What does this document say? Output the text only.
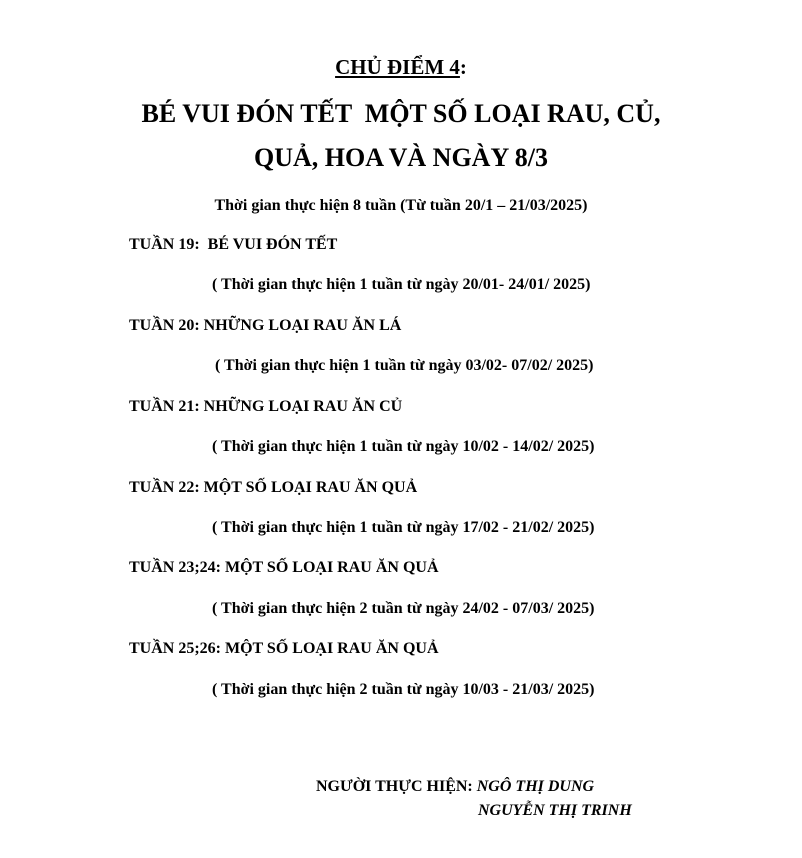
CHỦ ĐIỂM 4:
BÉ VUI ĐÓN TẾT  MỘT SỐ LOẠI RAU, CỦ,
QUẢ, HOA VÀ NGÀY 8/3
Thời gian thực hiện 8 tuần (Từ tuần 20/1 – 21/03/2025)
TUẦN 19:  BÉ VUI ĐÓN TẾT
( Thời gian thực hiện 1 tuần từ ngày 20/01- 24/01/ 2025)
TUẦN 20: NHỮNG LOẠI RAU ĂN LÁ
( Thời gian thực hiện 1 tuần từ ngày 03/02- 07/02/ 2025)
TUẦN 21: NHỮNG LOẠI RAU ĂN CỦ
( Thời gian thực hiện 1 tuần từ ngày 10/02 - 14/02/ 2025)
TUẦN 22: MỘT SỐ LOẠI RAU ĂN QUẢ
( Thời gian thực hiện 1 tuần từ ngày 17/02 - 21/02/ 2025)
TUẦN 23;24: MỘT SỐ LOẠI RAU ĂN QUẢ
( Thời gian thực hiện 2 tuần từ ngày 24/02 - 07/03/ 2025)
TUẦN 25;26: MỘT SỐ LOẠI RAU ĂN QUẢ
( Thời gian thực hiện 2 tuần từ ngày 10/03 - 21/03/ 2025)

NGƯỜI THỰC HIỆN: NGÔ THỊ DUNG

NGUYỄN THỊ TRINH
